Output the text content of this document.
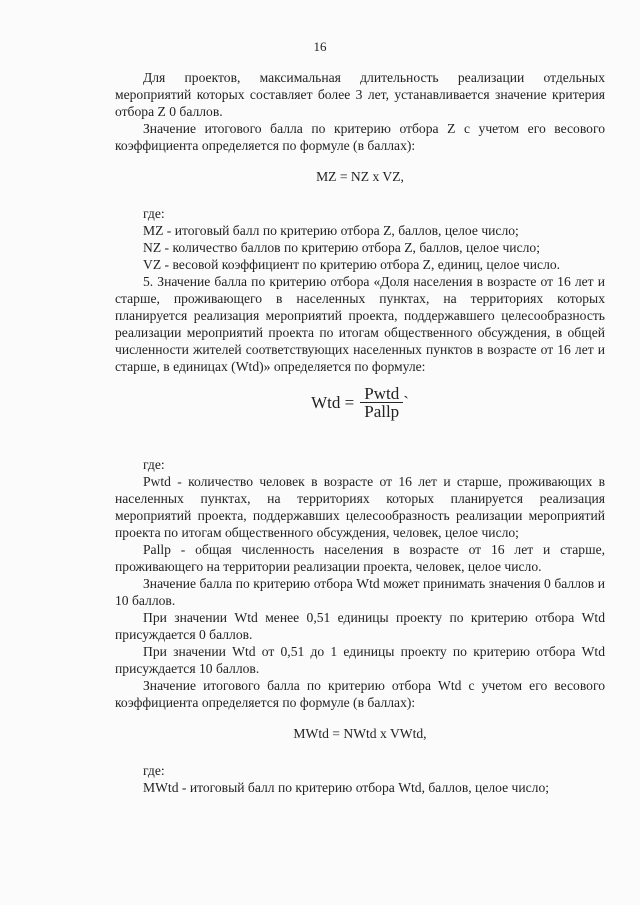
16

Для проектов, максимальная длительность реализации отдельных мероприятий которых составляет более 3 лет, устанавливается значение критерия отбора Z 0 баллов.

Значение итогового балла по критерию отбора Z с учетом его весового коэффициента определяется по формуле (в баллах):

MZ = NZ x VZ,

где:

MZ - итоговый балл по критерию отбора Z, баллов, целое число;

NZ - количество баллов по критерию отбора Z, баллов, целое число;

VZ - весовой коэффициент по критерию отбора Z, единиц, целое число.

5. Значение балла по критерию отбора «Доля населения в возрасте от 16 лет и старше, проживающего в населенных пунктах, на территориях которых планируется реализация мероприятий проекта, поддержавшего целесообразность реализации мероприятий проекта по итогам общественного обсуждения, в общей численности жителей соответствующих населенных пунктов в возрасте от 16 лет и старше, в единицах (Wtd)» определяется по формуле:

Wtd = $\frac{\text{Pwtd}}{\text{Pallp}}$ `

где:

Pwtd - количество человек в возрасте от 16 лет и старше, проживающих в населенных пунктах, на территориях которых планируется реализация мероприятий проекта, поддержавших целесообразность реализации мероприятий проекта по итогам общественного обсуждения, человек, целое число;

Pallp - общая численность населения в возрасте от 16 лет и старше, проживающего на территории реализации проекта, человек, целое число.

Значение балла по критерию отбора Wtd может принимать значения 0 баллов и 10 баллов.

При значении Wtd менее 0,51 единицы проекту по критерию отбора Wtd присуждается 0 баллов.

При значении Wtd от 0,51 до 1 единицы проекту по критерию отбора Wtd присуждается 10 баллов.

Значение итогового балла по критерию отбора Wtd с учетом его весового коэффициента определяется по формуле (в баллах):

MWtd = NWtd x VWtd,

где:

MWtd - итоговый балл по критерию отбора Wtd, баллов, целое число;
